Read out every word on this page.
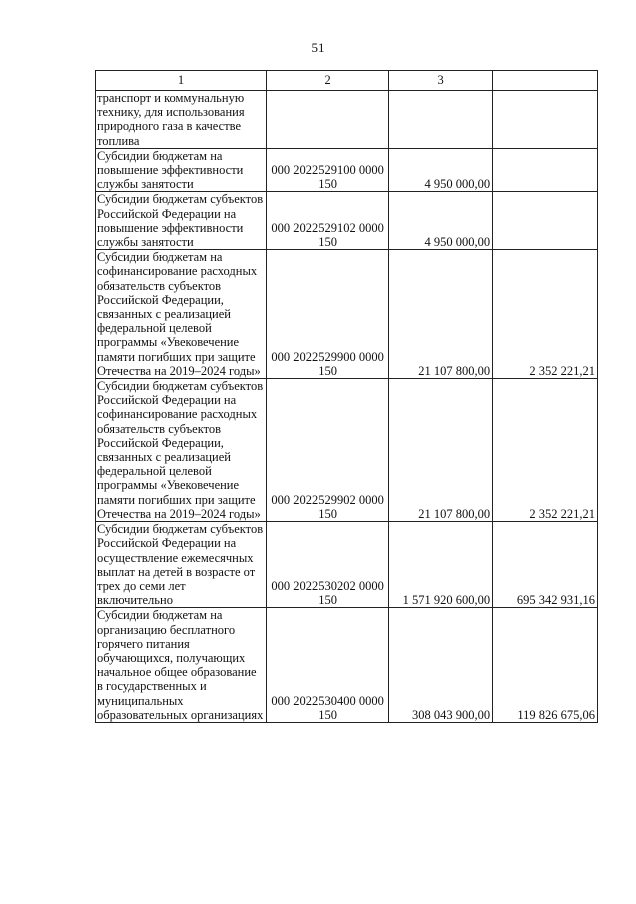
51
1	2	3	
транспорт и коммунальную технику, для использования природного газа в качестве топлива			
Субсидии бюджетам на повышение эффективности службы занятости	000 2022529100 0000 150	4 950 000,00	
Субсидии бюджетам субъектов Российской Федерации на повышение эффективности службы занятости	000 2022529102 0000 150	4 950 000,00	
Субсидии бюджетам на софинансирование расходных обязательств субъектов Российской Федерации, связанных с реализацией федеральной целевой программы «Увековечение памяти погибших при защите Отечества на 2019–2024 годы»	000 2022529900 0000 150	21 107 800,00	2 352 221,21
Субсидии бюджетам субъектов Российской Федерации на софинансирование расходных обязательств субъектов Российской Федерации, связанных с реализацией федеральной целевой программы «Увековечение памяти погибших при защите Отечества на 2019–2024 годы»	000 2022529902 0000 150	21 107 800,00	2 352 221,21
Субсидии бюджетам субъектов Российской Федерации на осуществление ежемесячных выплат на детей в возрасте от трех до семи лет включительно	000 2022530202 0000 150	1 571 920 600,00	695 342 931,16
Субсидии бюджетам на организацию бесплатного горячего питания обучающихся, получающих начальное общее образование в государственных и муниципальных образовательных организациях	000 2022530400 0000 150	308 043 900,00	119 826 675,06
